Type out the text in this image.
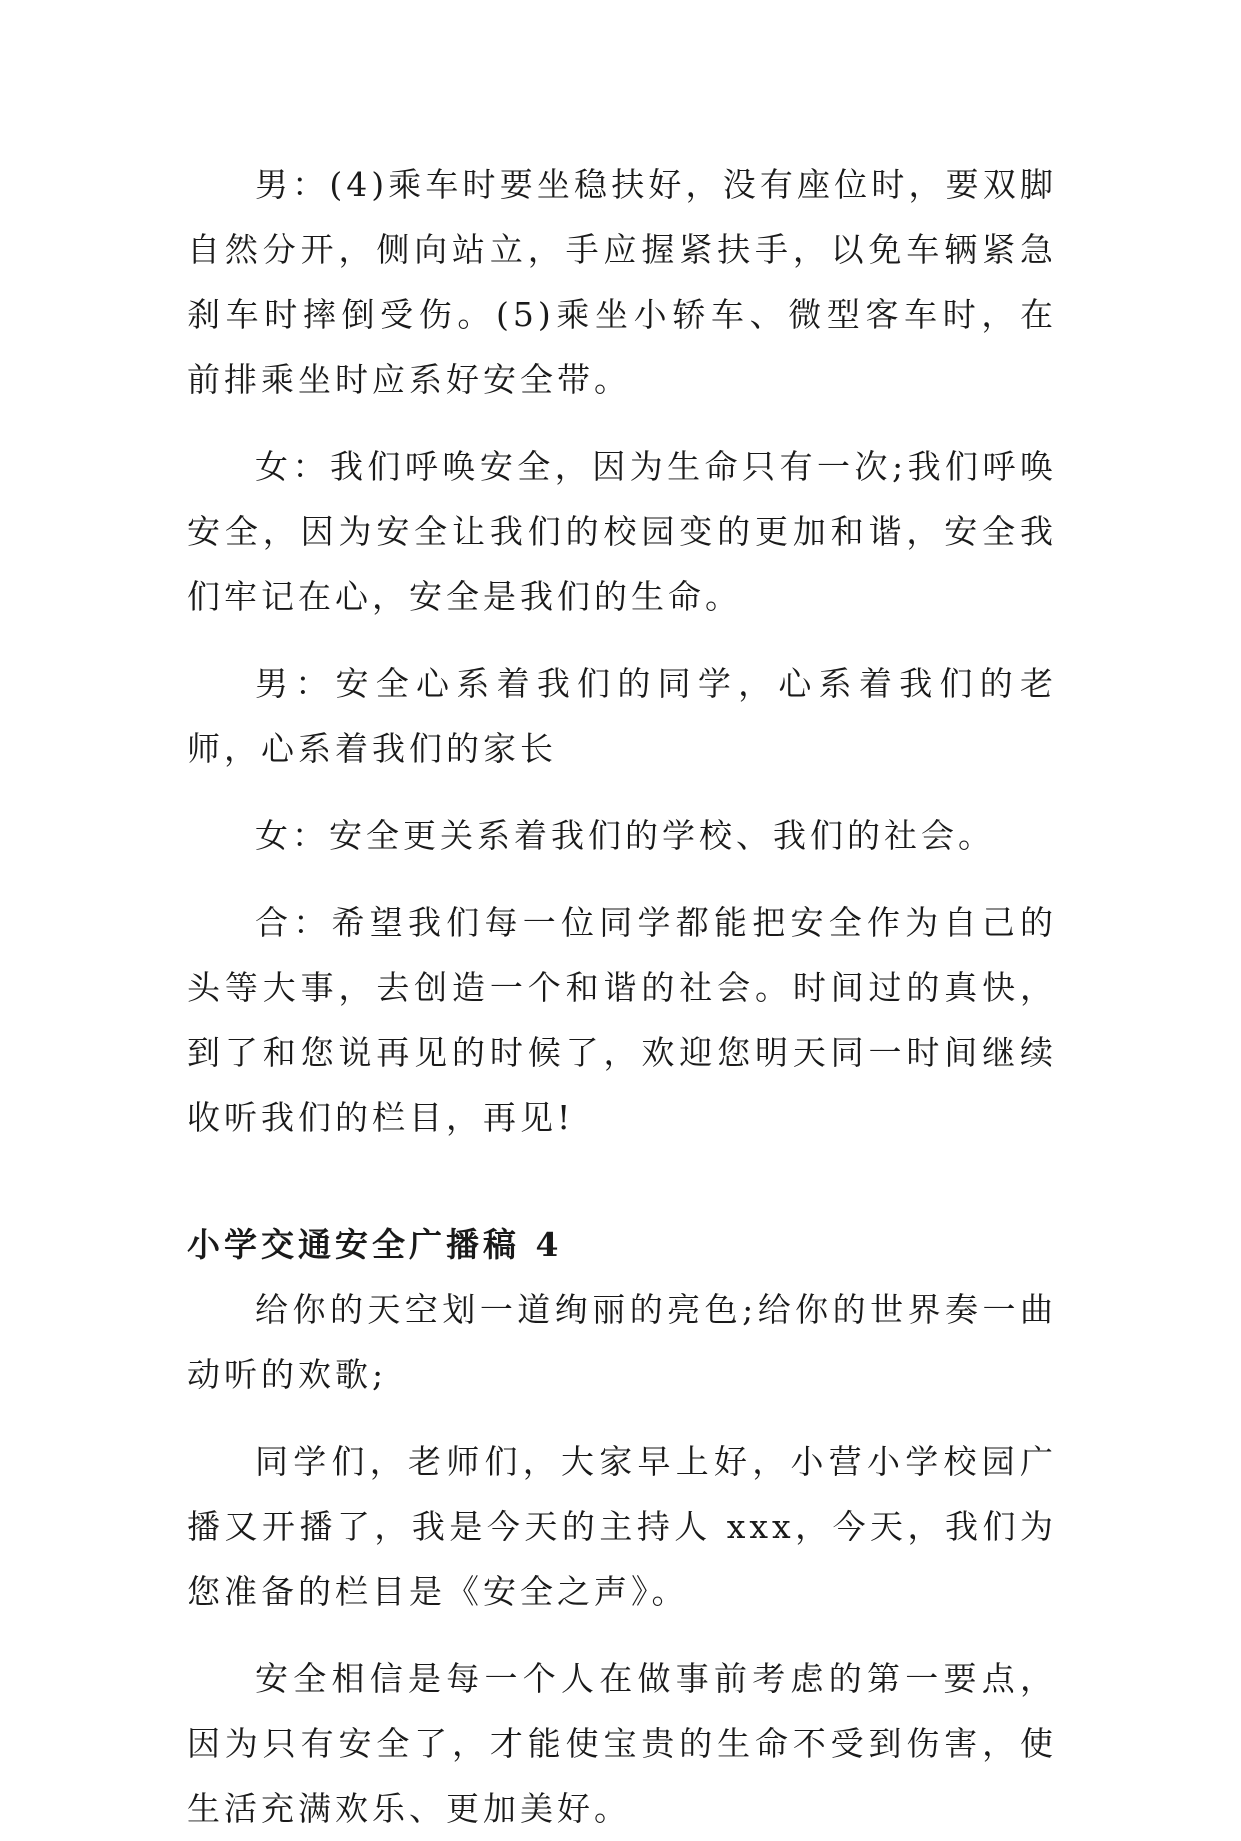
男：(4)乘车时要坐稳扶好，没有座位时，要双脚自然分开，侧向站立，手应握紧扶手，以免车辆紧急刹车时摔倒受伤。(5)乘坐小轿车、微型客车时，在前排乘坐时应系好安全带。

女：我们呼唤安全，因为生命只有一次;我们呼唤安全，因为安全让我们的校园变的更加和谐，安全我们牢记在心，安全是我们的生命。

男：安全心系着我们的同学，心系着我们的老师，心系着我们的家长

女：安全更关系着我们的学校、我们的社会。

合：希望我们每一位同学都能把安全作为自己的头等大事，去创造一个和谐的社会。时间过的真快，到了和您说再见的时候了，欢迎您明天同一时间继续收听我们的栏目，再见!

小学交通安全广播稿 4

给你的天空划一道绚丽的亮色;给你的世界奏一曲动听的欢歌;

同学们，老师们，大家早上好，小营小学校园广播又开播了，我是今天的主持人 xxx，今天，我们为您准备的栏目是《安全之声》。

安全相信是每一个人在做事前考虑的第一要点，因为只有安全了，才能使宝贵的生命不受到伤害，使生活充满欢乐、更加美好。
